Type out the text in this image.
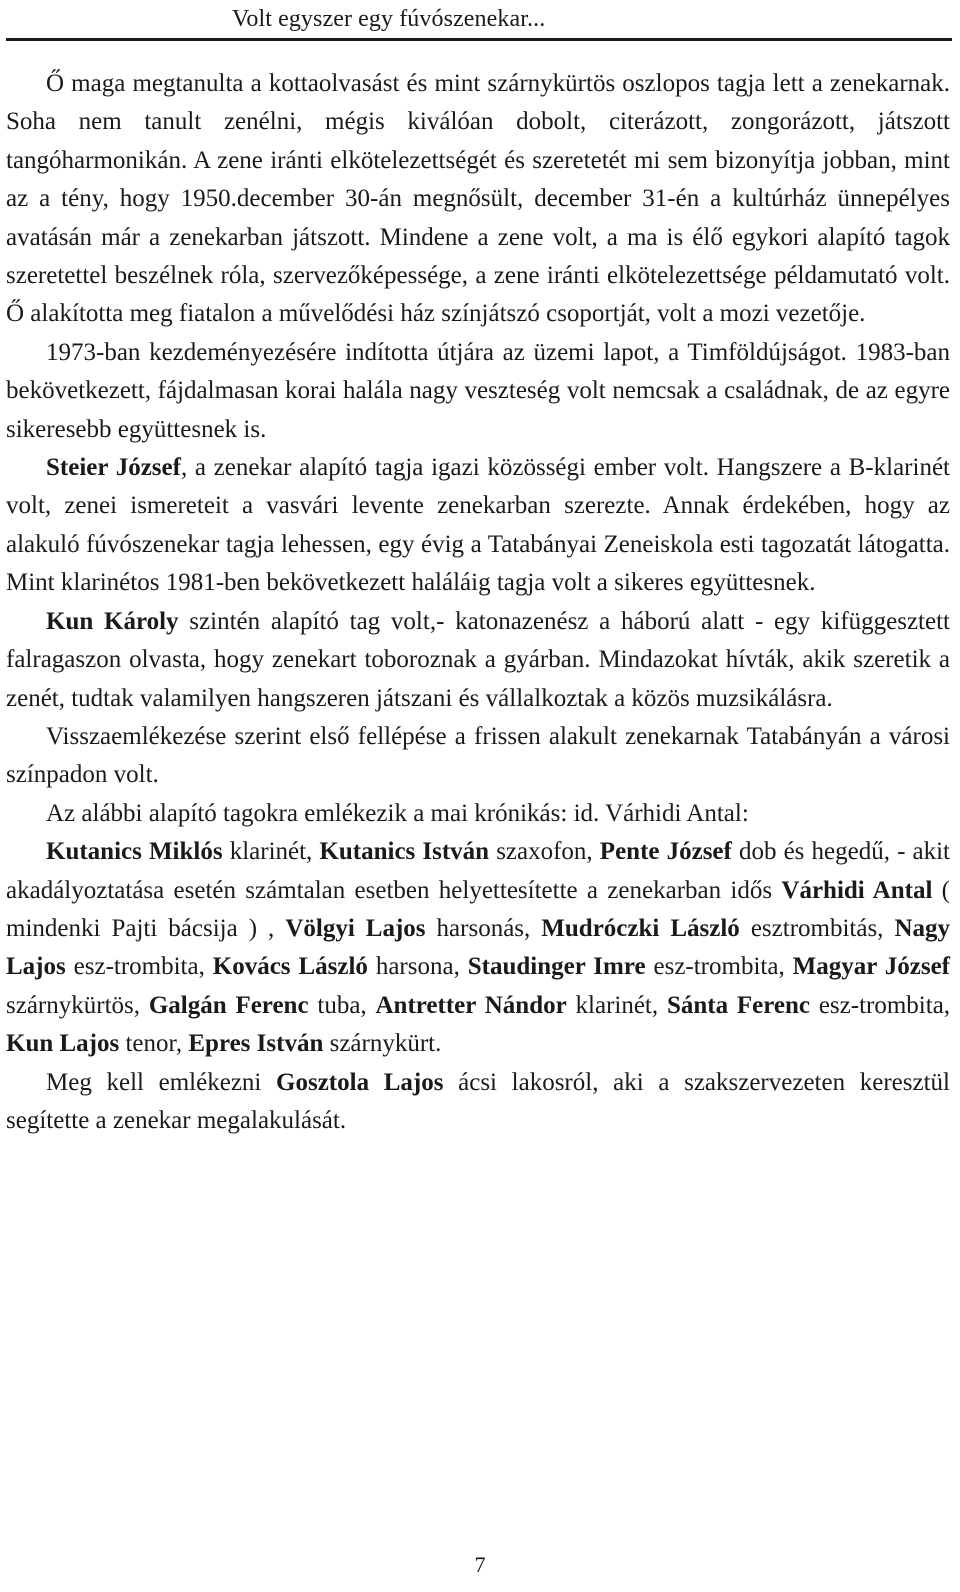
Volt egyszer egy fúvószenekar...

Ő maga megtanulta a kottaolvasást és mint szárnykürtös oszlopos tagja lett a zenekarnak. Soha nem tanult zenélni, mégis kiválóan dobolt, citerázott, zongorázott, játszott tangóharmonikán. A zene iránti elkötelezettségét és szeretetét mi sem bizonyítja jobban, mint az a tény, hogy 1950.december 30-án megnősült, december 31-én a kultúrház ünnepélyes avatásán már a zenekarban játszott. Mindene a zene volt, a ma is élő egykori alapító tagok szeretettel beszélnek róla, szervezőképessége, a zene iránti elkötelezettsége példamutató volt. Ő alakította meg fiatalon a művelődési ház színjátszó csoportját, volt a mozi vezetője.

1973-ban kezdeményezésére indította útjára az üzemi lapot, a Timföldújságot. 1983-ban bekövetkezett, fájdalmasan korai halála nagy veszteség volt nemcsak a családnak, de az egyre sikeresebb együttesnek is.

Steier József, a zenekar alapító tagja igazi közösségi ember volt. Hangszere a B-klarinét volt, zenei ismereteit a vasvári levente zenekarban szerezte. Annak érdekében, hogy az alakuló fúvószenekar tagja lehessen, egy évig a Tatabányai Zeneiskola esti tagozatát látogatta. Mint klarinétos 1981-ben bekövetkezett haláláig tagja volt a sikeres együttesnek.

Kun Károly szintén alapító tag volt,- katonazenész a háború alatt - egy kifüggesztett falragaszon olvasta, hogy zenekart toboroznak a gyárban. Mindazokat hívták, akik szeretik a zenét, tudtak valamilyen hangszeren játszani és vállalkoztak a közös muzsikálásra.

Visszaemlékezése szerint első fellépése a frissen alakult zenekarnak Tatabányán a városi színpadon volt.

Az alábbi alapító tagokra emlékezik a mai krónikás: id. Várhidi Antal:

Kutanics Miklós klarinét, Kutanics István szaxofon, Pente József dob és hegedű, - akit akadályoztatása esetén számtalan esetben helyettesítette a zenekarban idős Várhidi Antal ( mindenki Pajti bácsija ) , Völgyi Lajos harsonás, Mudróczki László esztrombitás, Nagy Lajos esz-trombita, Kovács László harsona, Staudinger Imre esz-trombita, Magyar József szárnykürtös, Galgán Ferenc tuba, Antretter Nándor klarinét, Sánta Ferenc esz-trombita, Kun Lajos tenor, Epres István szárnykürt.

Meg kell emlékezni Gosztola Lajos ácsi lakosról, aki a szakszervezeten keresztül segítette a zenekar megalakulását.

7
